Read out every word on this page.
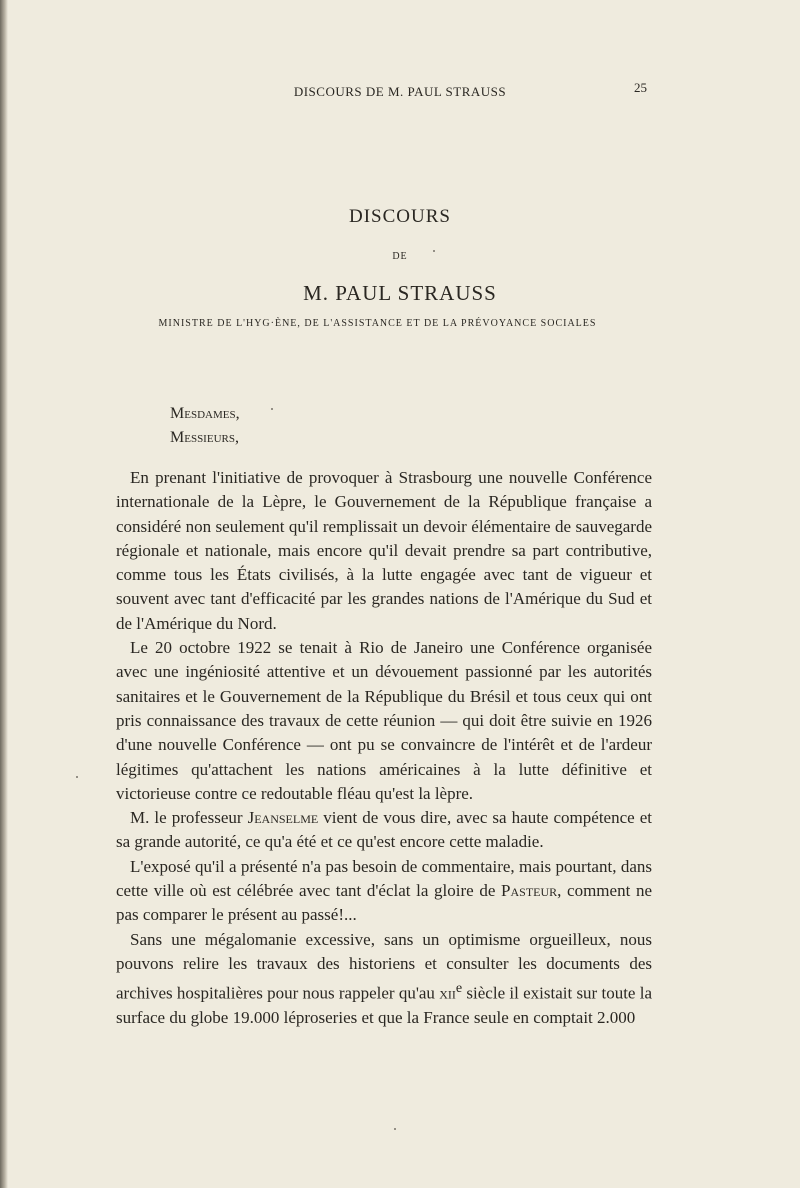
DISCOURS DE M. PAUL STRAUSS	25
DISCOURS
DE
M. PAUL STRAUSS
MINISTRE DE L'HYG·ÈNE, DE L'ASSISTANCE ET DE LA PRÉVOYANCE SOCIALES
Mesdames,
Messieurs,

En prenant l'initiative de provoquer à Strasbourg une nouvelle Conférence internationale de la Lèpre, le Gouvernement de la République française a considéré non seulement qu'il remplissait un devoir élémentaire de sauvegarde régionale et nationale, mais encore qu'il devait prendre sa part contributive, comme tous les États civilisés, à la lutte engagée avec tant de vigueur et souvent avec tant d'efficacité par les grandes nations de l'Amérique du Sud et de l'Amérique du Nord.

Le 20 octobre 1922 se tenait à Rio de Janeiro une Conférence organisée avec une ingéniosité attentive et un dévouement passionné par les autorités sanitaires et le Gouvernement de la République du Brésil et tous ceux qui ont pris connaissance des travaux de cette réunion — qui doit être suivie en 1926 d'une nouvelle Conférence — ont pu se convaincre de l'intérêt et de l'ardeur légitimes qu'attachent les nations américaines à la lutte définitive et victorieuse contre ce redoutable fléau qu'est la lèpre.

M. le professeur Jeanselme vient de vous dire, avec sa haute compétence et sa grande autorité, ce qu'a été et ce qu'est encore cette maladie.

L'exposé qu'il a présenté n'a pas besoin de commentaire, mais pourtant, dans cette ville où est célébrée avec tant d'éclat la gloire de Pasteur, comment ne pas comparer le présent au passé!...

Sans une mégalomanie excessive, sans un optimisme orgueilleux, nous pouvons relire les travaux des historiens et consulter les documents des archives hospitalières pour nous rappeler qu'au xii$^e$ siècle il existait sur toute la surface du globe 19.000 léproseries et que la France seule en comptait 2.000
